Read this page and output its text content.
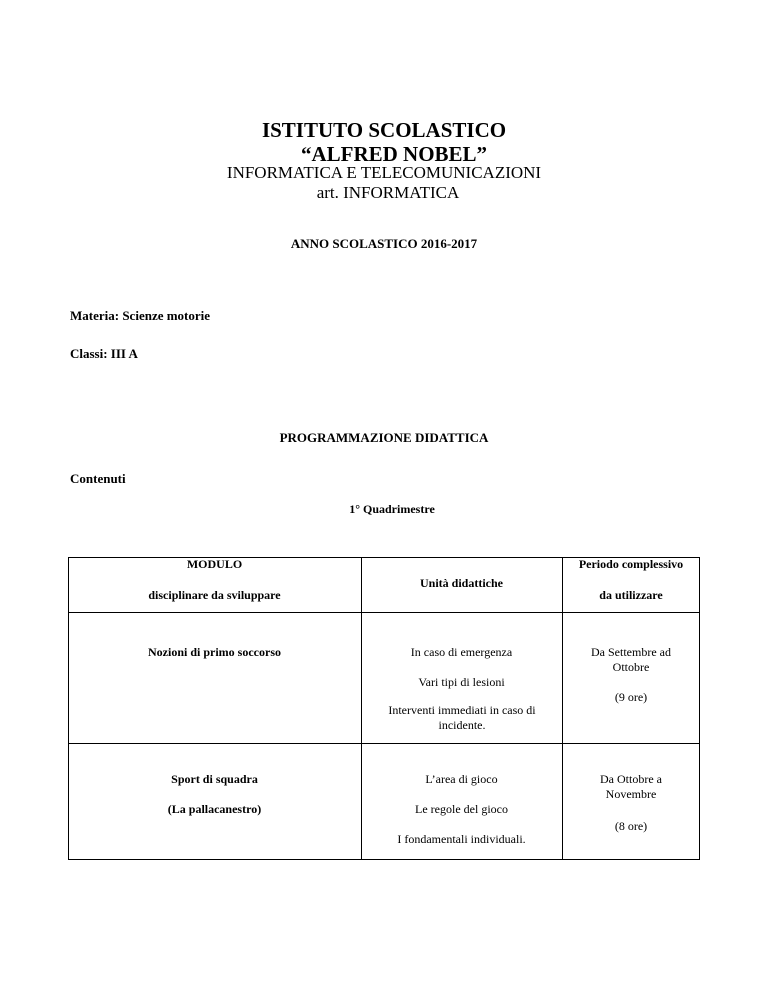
ISTITUTO SCOLASTICO
“ALFRED NOBEL”
INFORMATICA E TELECOMUNICAZIONI
art. INFORMATICA
ANNO SCOLASTICO 2016-2017
Materia: Scienze motorie
Classi: III A
PROGRAMMAZIONE DIDATTICA
Contenuti
1° Quadrimestre
MODULO
disciplinare da sviluppare
Unità didattiche
Periodo complessivo
da utilizzare
Nozioni di primo soccorso	In caso di emergenza
Vari tipi di lesioni
Interventi immediati in caso di incidente.
Da Settembre ad Ottobre
(9 ore)
Sport di squadra
(La pallacanestro)
L’area di gioco
Le regole del gioco
I fondamentali individuali.
Da Ottobre a Novembre
(8 ore)
